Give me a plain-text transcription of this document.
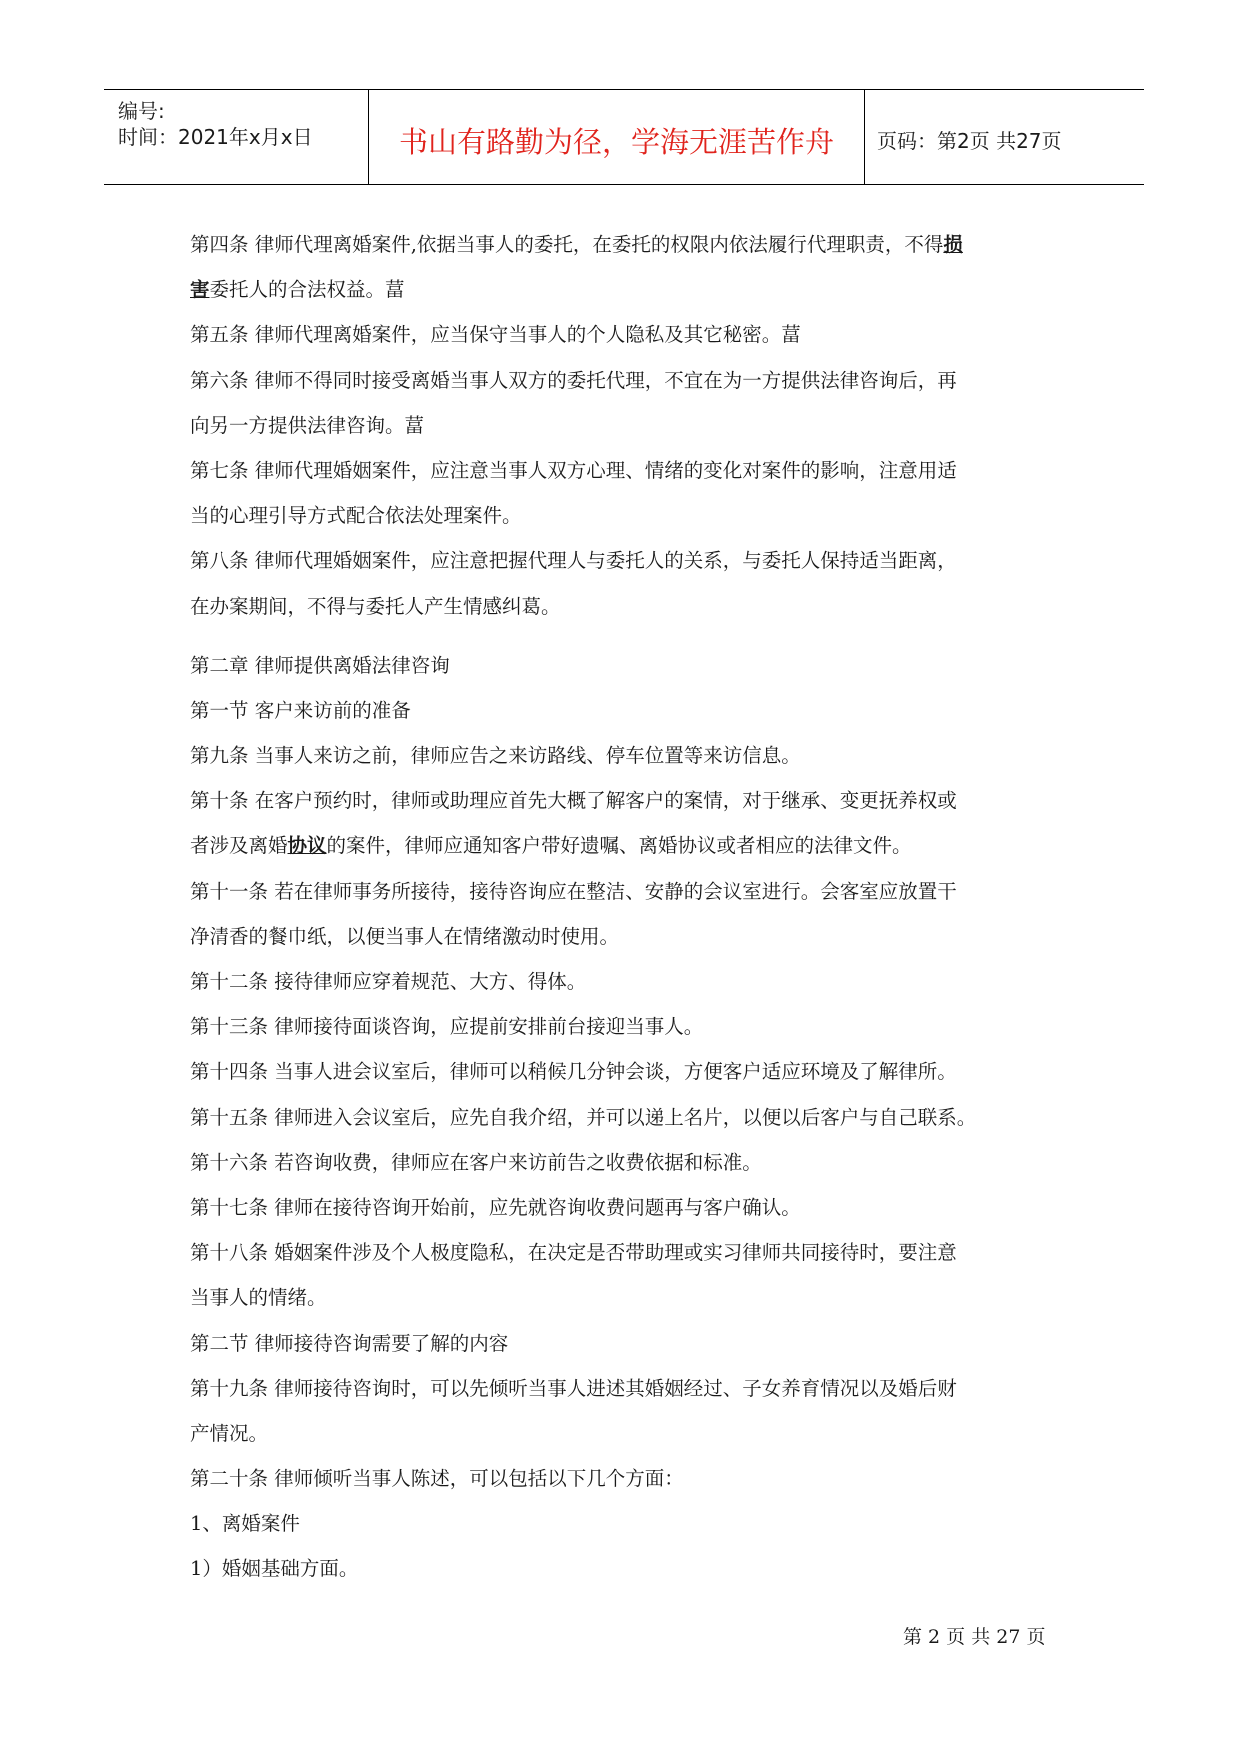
编号:
时间：2021年x月x日	书山有路勤为径，学海无涯苦作舟	页码：第2页 共27页
第四条 律师代理离婚案件,依据当事人的委托，在委托的权限内依法履行代理职责，不得损
害委托人的合法权益。葍
第五条 律师代理离婚案件，应当保守当事人的个人隐私及其它秘密。葍
第六条 律师不得同时接受离婚当事人双方的委托代理，不宜在为一方提供法律咨询后，再
向另一方提供法律咨询。葍
第七条 律师代理婚姻案件，应注意当事人双方心理、情绪的变化对案件的影响，注意用适
当的心理引导方式配合依法处理案件。
第八条 律师代理婚姻案件，应注意把握代理人与委托人的关系，与委托人保持适当距离，
在办案期间，不得与委托人产生情感纠葛。
第二章 律师提供离婚法律咨询
第一节 客户来访前的准备
第九条 当事人来访之前，律师应告之来访路线、停车位置等来访信息。
第十条 在客户预约时，律师或助理应首先大概了解客户的案情，对于继承、变更抚养权或
者涉及离婚协议的案件，律师应通知客户带好遗嘱、离婚协议或者相应的法律文件。
第十一条 若在律师事务所接待，接待咨询应在整洁、安静的会议室进行。会客室应放置干
净清香的餐巾纸，以便当事人在情绪激动时使用。
第十二条 接待律师应穿着规范、大方、得体。
第十三条 律师接待面谈咨询，应提前安排前台接迎当事人。
第十四条 当事人进会议室后，律师可以稍候几分钟会谈，方便客户适应环境及了解律所。
第十五条 律师进入会议室后，应先自我介绍，并可以递上名片，以便以后客户与自己联系。
第十六条 若咨询收费，律师应在客户来访前告之收费依据和标准。
第十七条 律师在接待咨询开始前，应先就咨询收费问题再与客户确认。
第十八条 婚姻案件涉及个人极度隐私，在决定是否带助理或实习律师共同接待时，要注意
当事人的情绪。
第二节 律师接待咨询需要了解的内容
第十九条 律师接待咨询时，可以先倾听当事人进述其婚姻经过、子女养育情况以及婚后财
产情况。
第二十条 律师倾听当事人陈述，可以包括以下几个方面：
1、离婚案件
1）婚姻基础方面。
第 2 页 共 27 页
